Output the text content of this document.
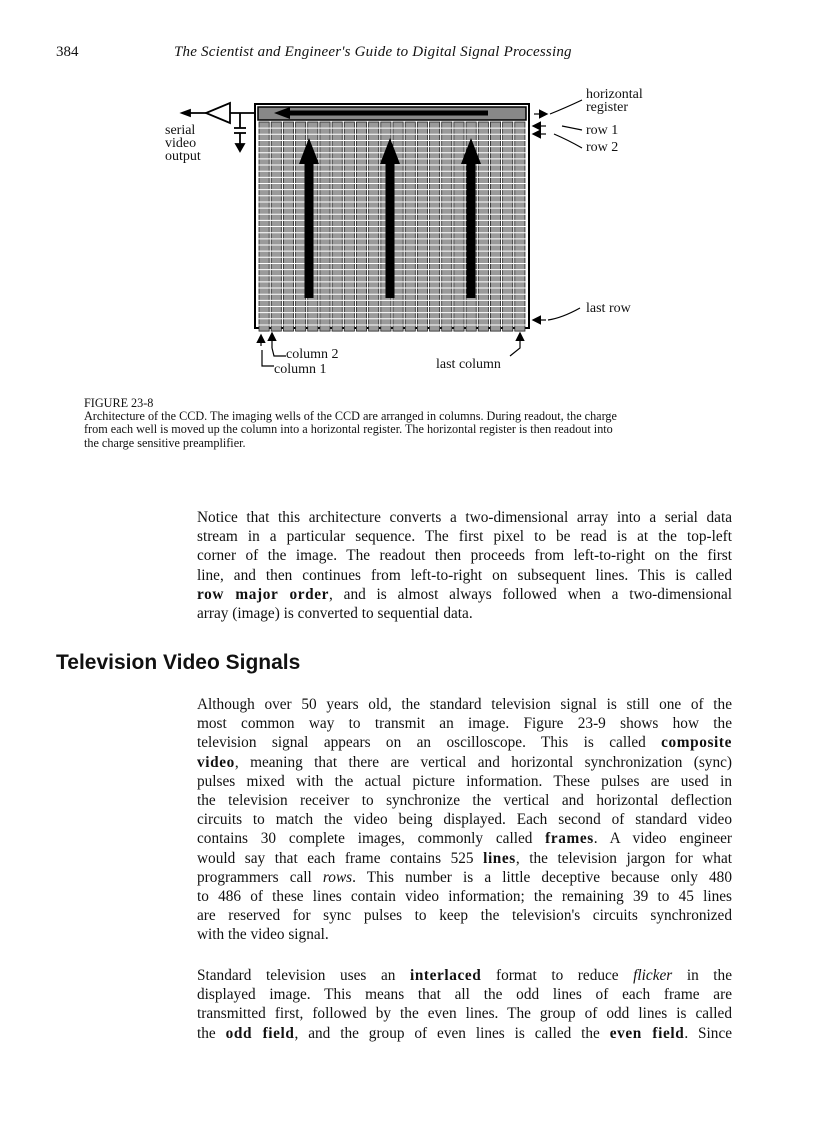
384	The Scientist and Engineer's Guide to Digital Signal Processing
horizontal
register
row 1
row 2
last row
serial
video
output
column 2
column 1	last column
FIGURE 23-8
Architecture of the CCD. The imaging wells of the CCD are arranged in columns. During readout, the charge
from each well is moved up the column into a horizontal register. The horizontal register is then readout into
the charge sensitive preamplifier.
Notice that this architecture converts a two-dimensional array into a serial data
stream in a particular sequence. The first pixel to be read is at the top-left
corner of the image. The readout then proceeds from left-to-right on the first
line, and then continues from left-to-right on subsequent lines. This is called
row major order, and is almost always followed when a two-dimensional
array (image) is converted to sequential data.
Television Video Signals
Although over 50 years old, the standard television signal is still one of the
most common way to transmit an image. Figure 23-9 shows how the
television signal appears on an oscilloscope. This is called composite
video, meaning that there are vertical and horizontal synchronization (sync)
pulses mixed with the actual picture information. These pulses are used in
the television receiver to synchronize the vertical and horizontal deflection
circuits to match the video being displayed. Each second of standard video
contains 30 complete images, commonly called frames. A video engineer
would say that each frame contains 525 lines, the television jargon for what
programmers call rows. This number is a little deceptive because only 480
to 486 of these lines contain video information; the remaining 39 to 45 lines
are reserved for sync pulses to keep the television's circuits synchronized
with the video signal.
Standard television uses an interlaced format to reduce flicker in the
displayed image. This means that all the odd lines of each frame are
transmitted first, followed by the even lines. The group of odd lines is called
the odd field, and the group of even lines is called the even field. Since
